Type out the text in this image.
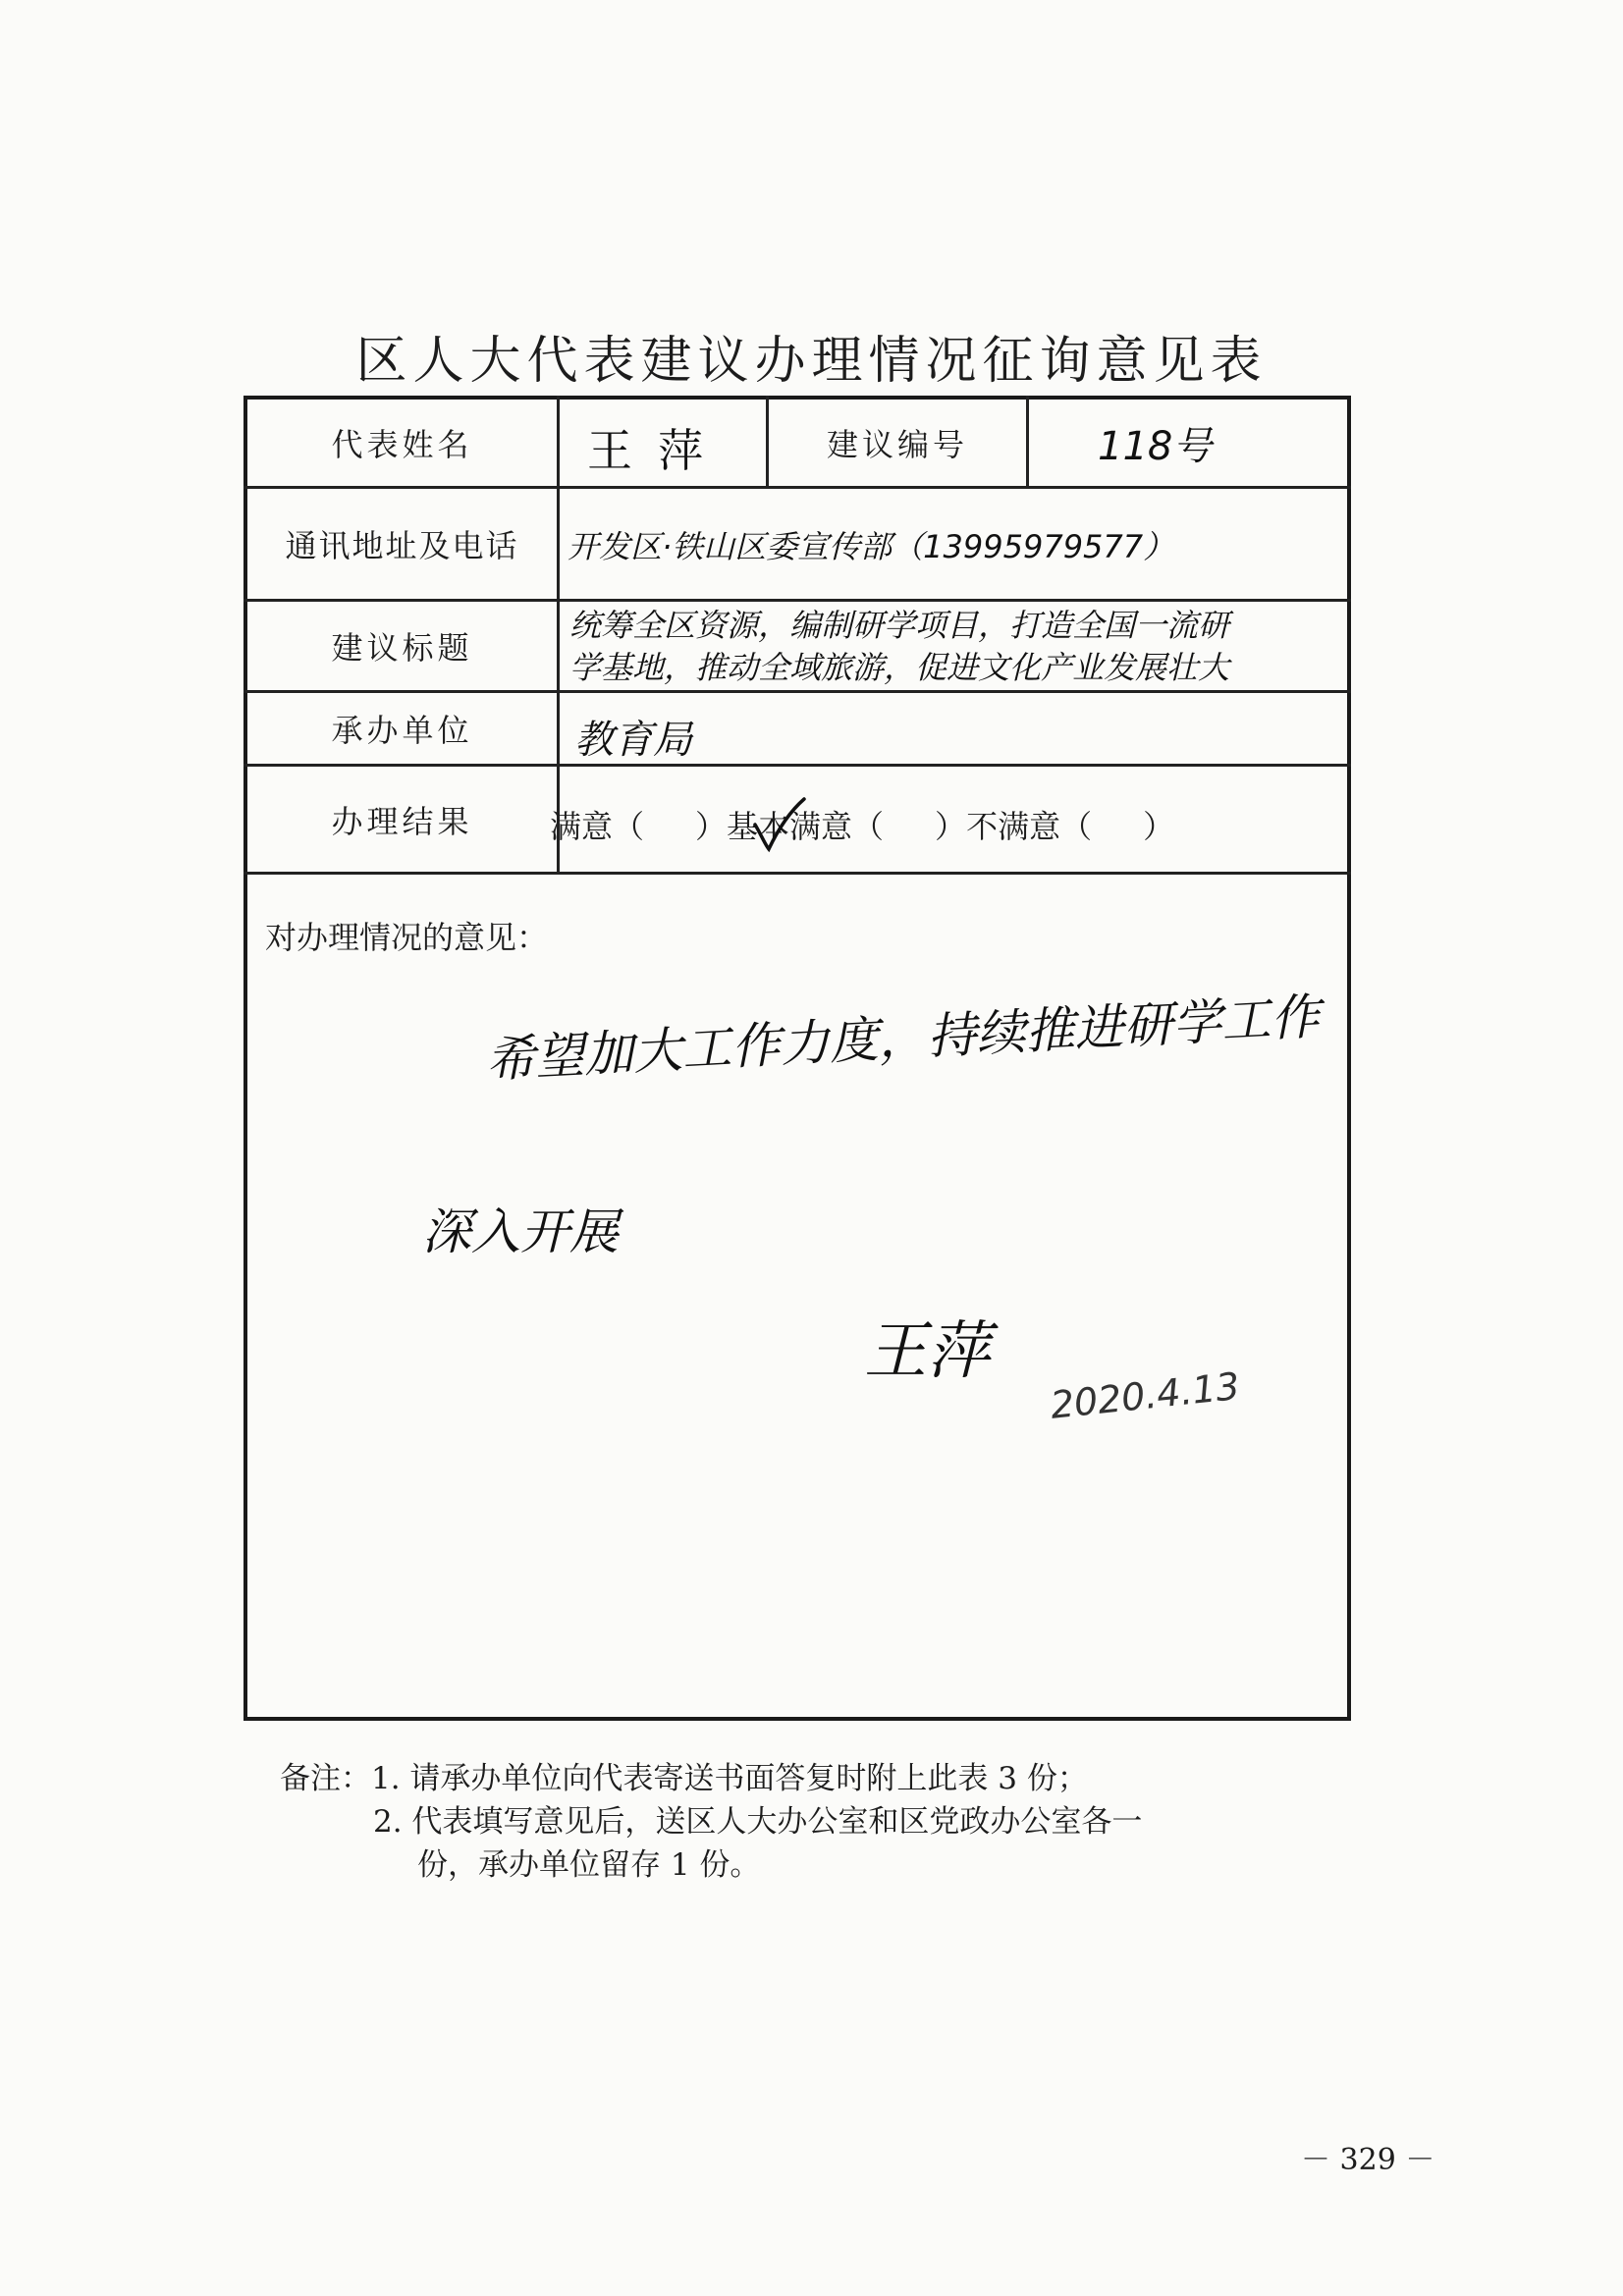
区人大代表建议办理情况征询意见表
代表姓名	建议编号
通讯地址及电话
建议标题
承办单位
办理结果
王萍	118号
开发区·铁山区委宣传部（13995979577）
统筹全区资源，编制研学项目，打造全国一流研
学基地，推动全域旅游，促进文化产业发展壮大
教育局
满意（ ） 基本满意（ ） 不满意（ ）
对办理情况的意见：
希望加大工作力度，持续推进研学工作
深入开展
王萍
2020.4.13
备注：1. 请承办单位向代表寄送书面答复时附上此表 3 份；
2. 代表填写意见后，送区人大办公室和区党政办公室各一
份，承办单位留存 1 份。
－ 329 －
